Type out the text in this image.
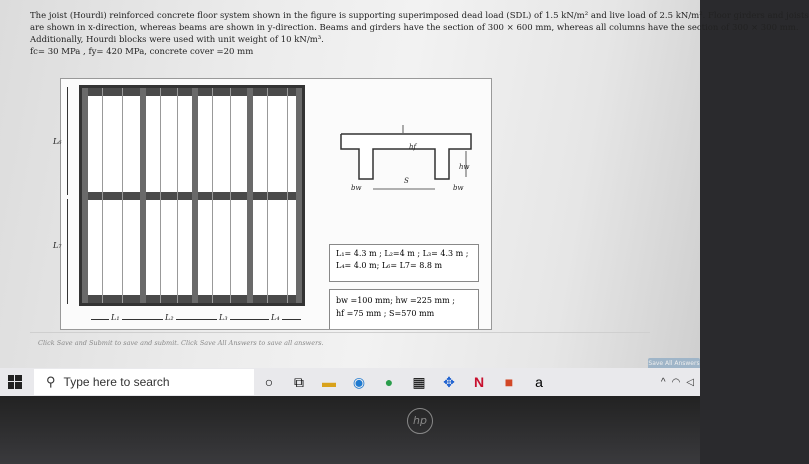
The joist (Hourdi) reinforced concrete floor system shown in the figure is supporting superimposed dead load (SDL) of 1.5 kN/m² and live load of 2.5 kN/m². Floor girders and joists

are shown in x-direction, whereas beams are shown in y-direction. Beams and girders have the section of 300 × 600 mm, whereas all columns have the section of 300 × 300 mm.

Additionally, Hourdi blocks were used with unit weight of 10 kN/m³.

fc= 30 MPa , fy= 420 MPa, concrete cover =20 mm

L₆
L₇
L₁	L₂	L₃	L₄
hf
hw
S
bw	bw
L₁= 4.3 m ; L₂=4 m ; L₃= 4.3 m ;
L₄= 4.0 m; L₆= L7= 8.8 m
bw =100 mm; hw =225 mm ;
hf =75 mm ; S=570 mm
Click Save and Submit to save and submit. Click Save All Answers to save all answers.
Save All Answers
⚲ Type here to search	○	⧉	▬	◉	●	▦	✥	N	■	a	^ ◠ ◁
hp
